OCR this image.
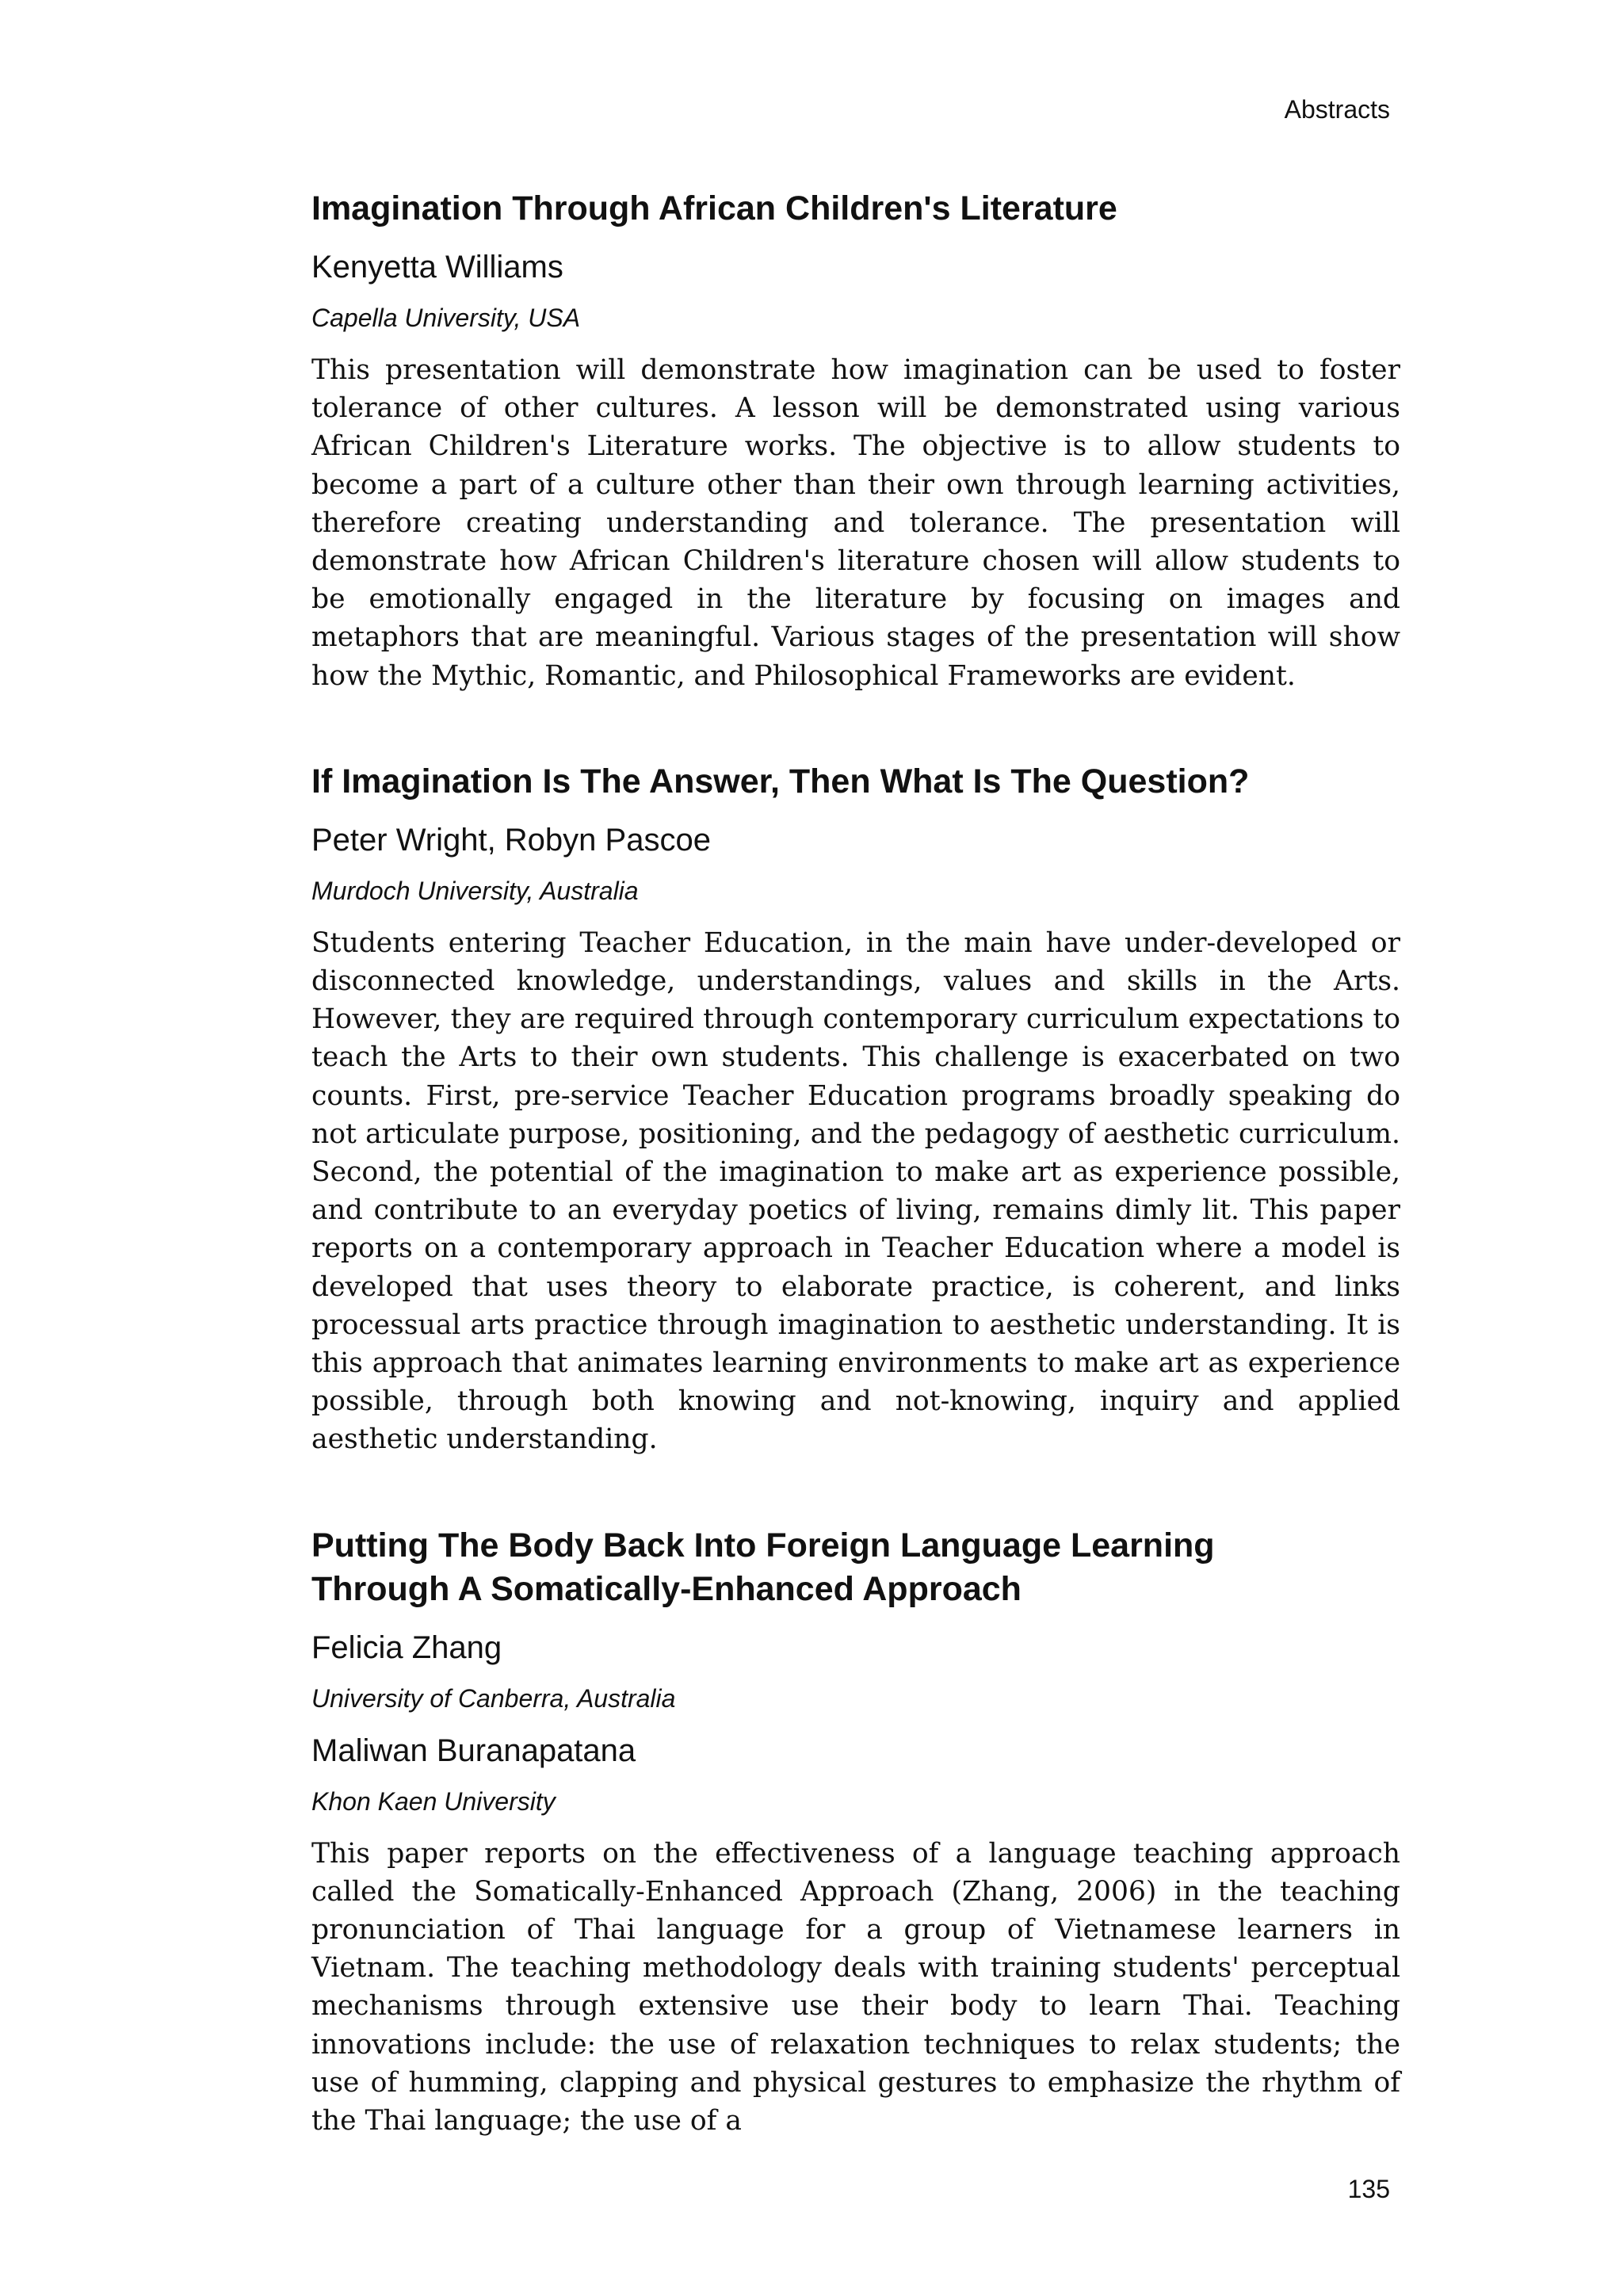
Abstracts
Imagination Through African Children's Literature
Kenyetta Williams
Capella University, USA

This presentation will demonstrate how imagination can be used to foster tolerance of other cultures. A lesson will be demonstrated using various African Children's Literature works. The objective is to allow students to become a part of a culture other than their own through learning activities, therefore creating understanding and tolerance. The presentation will demonstrate how African Children's literature chosen will allow students to be emotionally engaged in the literature by focusing on images and metaphors that are meaningful. Various stages of the presentation will show how the Mythic, Romantic, and Philosophical Frameworks are evident.

If Imagination Is The Answer, Then What Is The Question?
Peter Wright, Robyn Pascoe
Murdoch University, Australia

Students entering Teacher Education, in the main have under-developed or disconnected knowledge, understandings, values and skills in the Arts. However, they are required through contemporary curriculum expectations to teach the Arts to their own students. This challenge is exacerbated on two counts. First, pre-service Teacher Education programs broadly speaking do not articulate purpose, positioning, and the pedagogy of aesthetic curriculum. Second, the potential of the imagination to make art as experience possible, and contribute to an everyday poetics of living, remains dimly lit. This paper reports on a contemporary approach in Teacher Education where a model is developed that uses theory to elaborate practice, is coherent, and links processual arts practice through imagination to aesthetic understanding. It is this approach that animates learning environments to make art as experience possible, through both knowing and not-knowing, inquiry and applied aesthetic understanding.

Putting The Body Back Into Foreign Language Learning
Through A Somatically-Enhanced Approach
Felicia Zhang
University of Canberra, Australia
Maliwan Buranapatana
Khon Kaen University

This paper reports on the effectiveness of a language teaching approach called the Somatically-Enhanced Approach (Zhang, 2006) in the teaching pronunciation of Thai language for a group of Vietnamese learners in Vietnam. The teaching methodology deals with training students' perceptual mechanisms through extensive use their body to learn Thai. Teaching innovations include: the use of relaxation techniques to relax students; the use of humming, clapping and physical gestures to emphasize the rhythm of the Thai language; the use of a

135
